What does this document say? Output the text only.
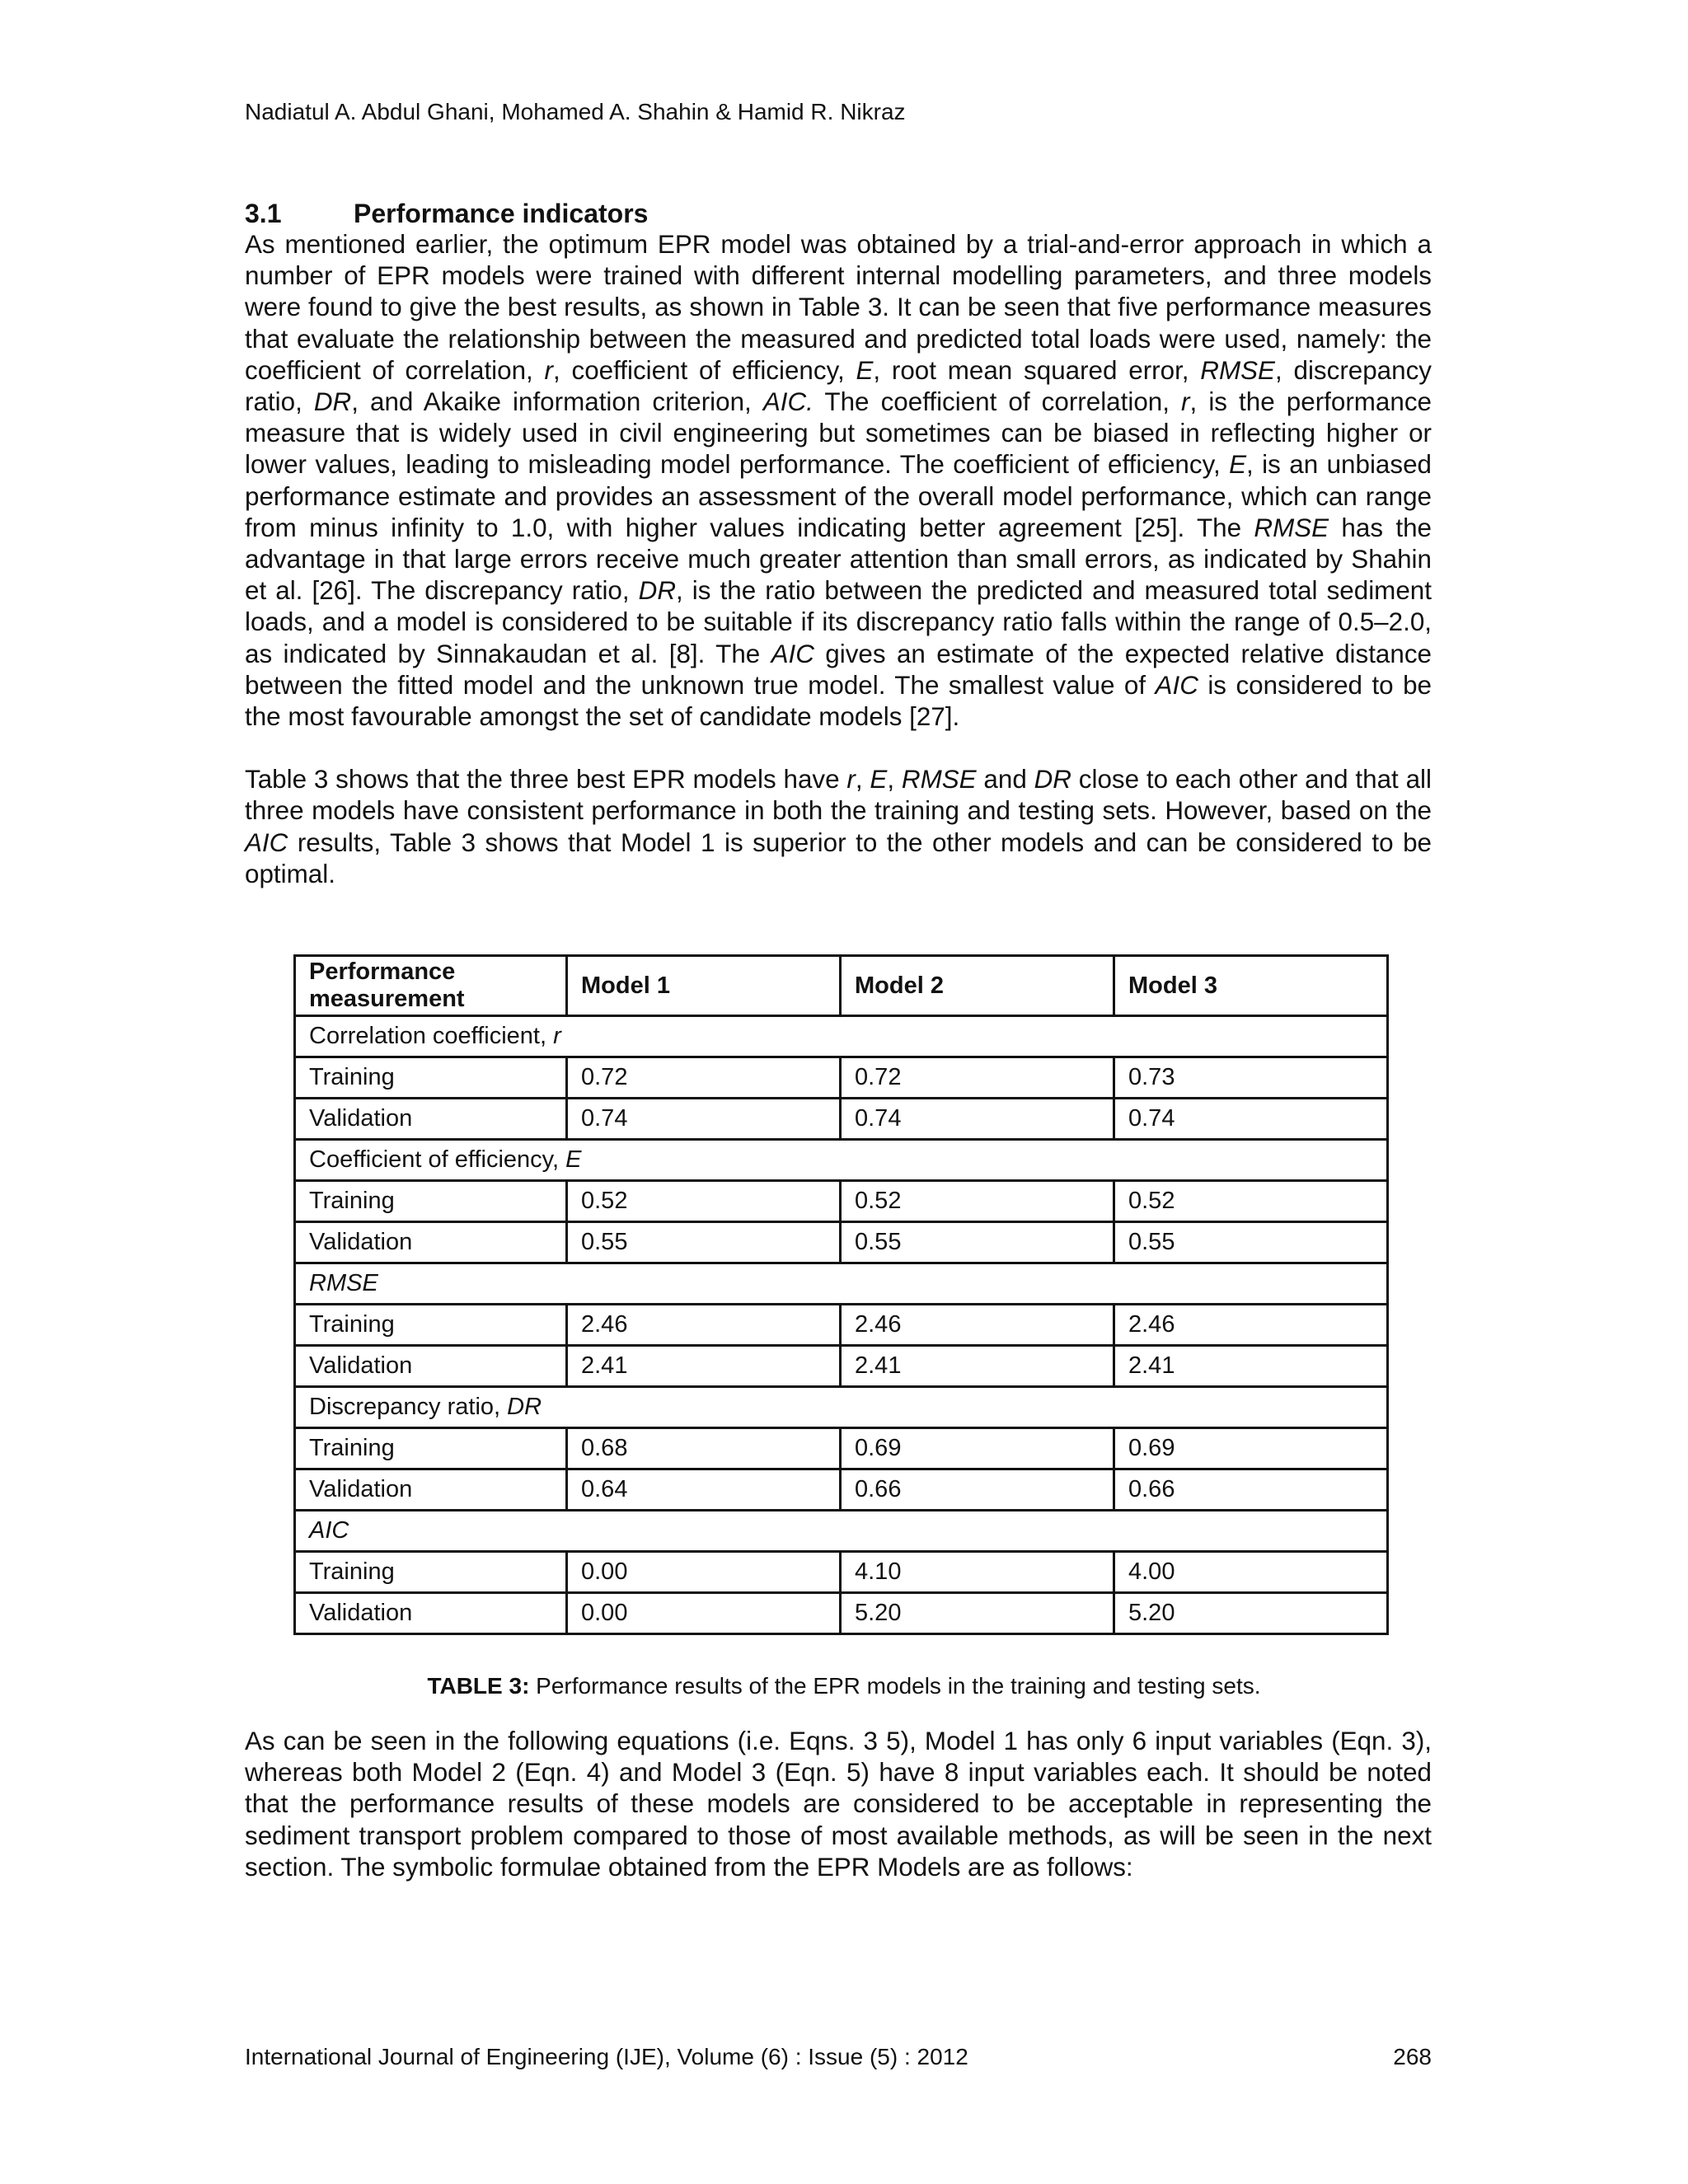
Nadiatul A. Abdul Ghani, Mohamed A. Shahin & Hamid R. Nikraz
3.1	Performance indicators

As mentioned earlier, the optimum EPR model was obtained by a trial-and-error approach in which a number of EPR models were trained with different internal modelling parameters, and three models were found to give the best results, as shown in Table 3. It can be seen that five performance measures that evaluate the relationship between the measured and predicted total loads were used, namely: the coefficient of correlation, r, coefficient of efficiency, E, root mean squared error, RMSE, discrepancy ratio, DR, and Akaike information criterion, AIC. The coefficient of correlation, r, is the performance measure that is widely used in civil engineering but sometimes can be biased in reflecting higher or lower values, leading to misleading model performance. The coefficient of efficiency, E, is an unbiased performance estimate and provides an assessment of the overall model performance, which can range from minus infinity to 1.0, with higher values indicating better agreement [25]. The RMSE has the advantage in that large errors receive much greater attention than small errors, as indicated by Shahin et al. [26]. The discrepancy ratio, DR, is the ratio between the predicted and measured total sediment loads, and a model is considered to be suitable if its discrepancy ratio falls within the range of 0.5–2.0, as indicated by Sinnakaudan et al. [8]. The AIC gives an estimate of the expected relative distance between the fitted model and the unknown true model. The smallest value of AIC is considered to be the most favourable amongst the set of candidate models [27].

Table 3 shows that the three best EPR models have r, E, RMSE and DR close to each other and that all three models have consistent performance in both the training and testing sets. However, based on the AIC results, Table 3 shows that Model 1 is superior to the other models and can be considered to be optimal.

Performance measurement	Model 1	Model 2	Model 3
Correlation coefficient, r			
Training	0.72	0.72	0.73
Validation	0.74	0.74	0.74
Coefficient of efficiency, E			
Training	0.52	0.52	0.52
Validation	0.55	0.55	0.55
RMSE			
Training	2.46	2.46	2.46
Validation	2.41	2.41	2.41
Discrepancy ratio, DR			
Training	0.68	0.69	0.69
Validation	0.64	0.66	0.66
AIC			
Training	0.00	4.10	4.00
Validation	0.00	5.20	5.20
TABLE 3: Performance results of the EPR models in the training and testing sets.

As can be seen in the following equations (i.e. Eqns. 3 5), Model 1 has only 6 input variables (Eqn. 3), whereas both Model 2 (Eqn. 4) and Model 3 (Eqn. 5) have 8 input variables each. It should be noted that the performance results of these models are considered to be acceptable in representing the sediment transport problem compared to those of most available methods, as will be seen in the next section. The symbolic formulae obtained from the EPR Models are as follows:

International Journal of Engineering (IJE), Volume (6) : Issue (5) : 2012	268
